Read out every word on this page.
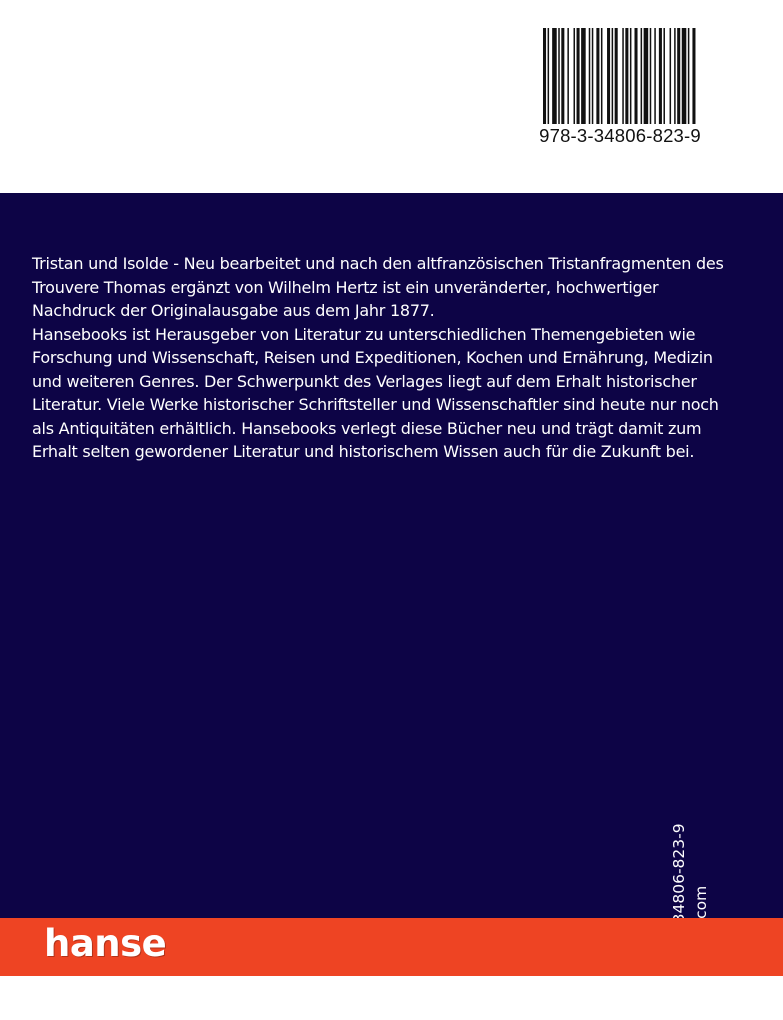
978-3-34806-823-9

Tristan und Isolde - Neu bearbeitet und nach den altfranzösischen Tristanfragmenten des Trouvere Thomas ergänzt von Wilhelm Hertz ist ein unveränderter, hochwertiger Nachdruck der Originalausgabe aus dem Jahr 1877.

Hansebooks ist Herausgeber von Literatur zu unterschiedlichen Themengebieten wie Forschung und Wissenschaft, Reisen und Expeditionen, Kochen und Ernährung, Medizin und weiteren Genres. Der Schwerpunkt des Verlages liegt auf dem Erhalt historischer Literatur. Viele Werke historischer Schriftsteller und Wissenschaftler sind heute nur noch als Antiquitäten erhältlich. Hansebooks verlegt diese Bücher neu und trägt damit zum Erhalt selten gewordener Literatur und historischem Wissen auch für die Zukunft bei.

hanse
